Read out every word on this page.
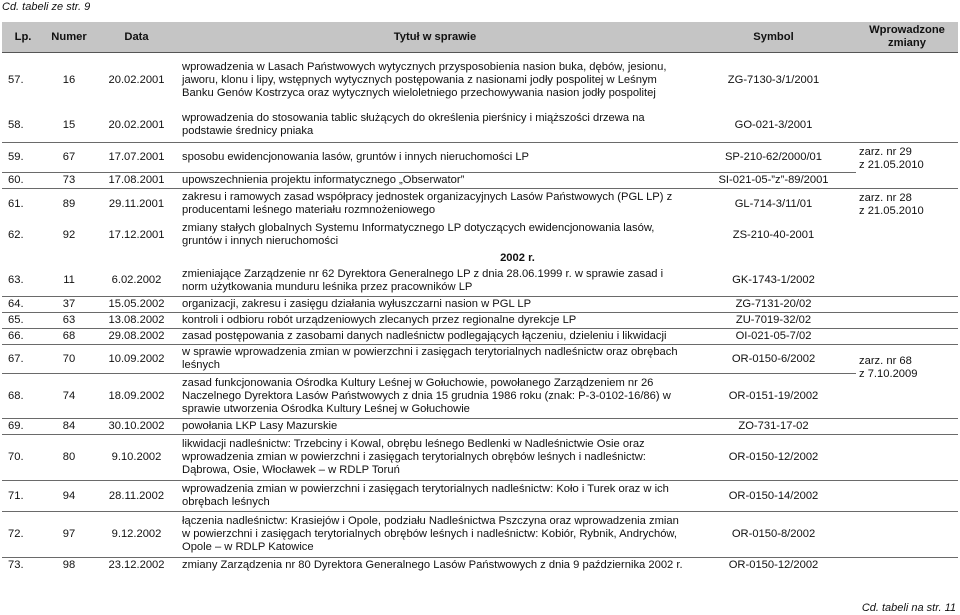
Cd. tabeli ze str. 9
Lp.	Numer	Data	Tytuł w sprawie	Symbol	Wprowadzone zmiany
57.	16	20.02.2001	wprowadzenia w Lasach Państwowych wytycznych przysposobienia nasion buka, dębów, jesionu, jaworu, klonu i lipy, wstępnych wytycznych postępowania z nasionami jodły pospolitej w Leśnym Banku Genów Kostrzyca oraz wytycznych wieloletniego przechowywania nasion jodły pospolitej	ZG-7130-3/1/2001	
58.	15	20.02.2001	wprowadzenia do stosowania tablic służących do określenia pierśnicy i miąższości drzewa na podstawie średnicy pniaka	GO-021-3/2001	
59.	67	17.07.2001	sposobu ewidencjonowania lasów, gruntów i innych nieruchomości LP	SP-210-62/2000/01	zarz. nr 29
z 21.05.2010

60.	73	17.08.2001	upowszechnienia projektu informatycznego „Obserwator”	SI-021-05-”z”-89/2001	
61.	89	29.11.2001	zakresu i ramowych zasad współpracy jednostek organizacyjnych Lasów Państwowych (PGL LP) z producentami leśnego materiału rozmnożeniowego	GL-714-3/11/01	zarz. nr 28
z 21.05.2010

62.	92	17.12.2001	zmiany stałych globalnych Systemu Informatycznego LP dotyczących ewidencjonowania lasów, gruntów i innych nieruchomości	ZS-210-40-2001	
			2002 r.		
63.	11	6.02.2002	zmieniające Zarządzenie nr 62 Dyrektora Generalnego LP z dnia 28.06.1999 r. w sprawie zasad i norm użytkowania munduru leśnika przez pracowników LP	GK-1743-1/2002	
64.	37	15.05.2002	organizacji, zakresu i zasięgu działania wyłuszczarni nasion w PGL LP	ZG-7131-20/02	
65.	63	13.08.2002	kontroli i odbioru robót urządzeniowych zlecanych przez regionalne dyrekcje LP	ZU-7019-32/02	
66.	68	29.08.2002	zasad postępowania z zasobami danych nadleśnictw podlegających łączeniu, dzieleniu i likwidacji	OI-021-05-7/02	
67.	70	10.09.2002	w sprawie wprowadzenia zmian w powierzchni i zasięgach terytorialnych nadleśnictw oraz obrębach leśnych	OR-0150-6/2002	zarz. nr 68
z 7.10.2009

68.	74	18.09.2002	zasad funkcjonowania Ośrodka Kultury Leśnej w Gołuchowie, powołanego Zarządzeniem nr 26 Naczelnego Dyrektora Lasów Państwowych z dnia 15 grudnia 1986 roku (znak: P-3-0102-16/86) w sprawie utworzenia Ośrodka Kultury Leśnej w Gołuchowie	OR-0151-19/2002	
69.	84	30.10.2002	powołania LKP Lasy Mazurskie	ZO-731-17-02	
70.	80	9.10.2002	likwidacji nadleśnictw: Trzebciny i Kowal, obrębu leśnego Bedlenki w Nadleśnictwie Osie oraz wprowadzenia zmian w powierzchni i zasięgach terytorialnych obrębów leśnych i nadleśnictw: Dąbrowa, Osie, Włocławek – w RDLP Toruń	OR-0150-12/2002	
71.	94	28.11.2002	wprowadzenia zmian w powierzchni i zasięgach terytorialnych nadleśnictw: Koło i Turek oraz w ich obrębach leśnych	OR-0150-14/2002	
72.	97	9.12.2002	łączenia nadleśnictw: Krasiejów i Opole, podziału Nadleśnictwa Pszczyna oraz wprowadzenia zmian w powierzchni i zasięgach terytorialnych obrębów leśnych i nadleśnictw: Kobiór, Rybnik, Andrychów, Opole – w RDLP Katowice	OR-0150-8/2002	
73.	98	23.12.2002	zmiany Zarządzenia nr 80 Dyrektora Generalnego Lasów Państwowych z dnia 9 października 2002 r.	OR-0150-12/2002	
Cd. tabeli na str. 11
